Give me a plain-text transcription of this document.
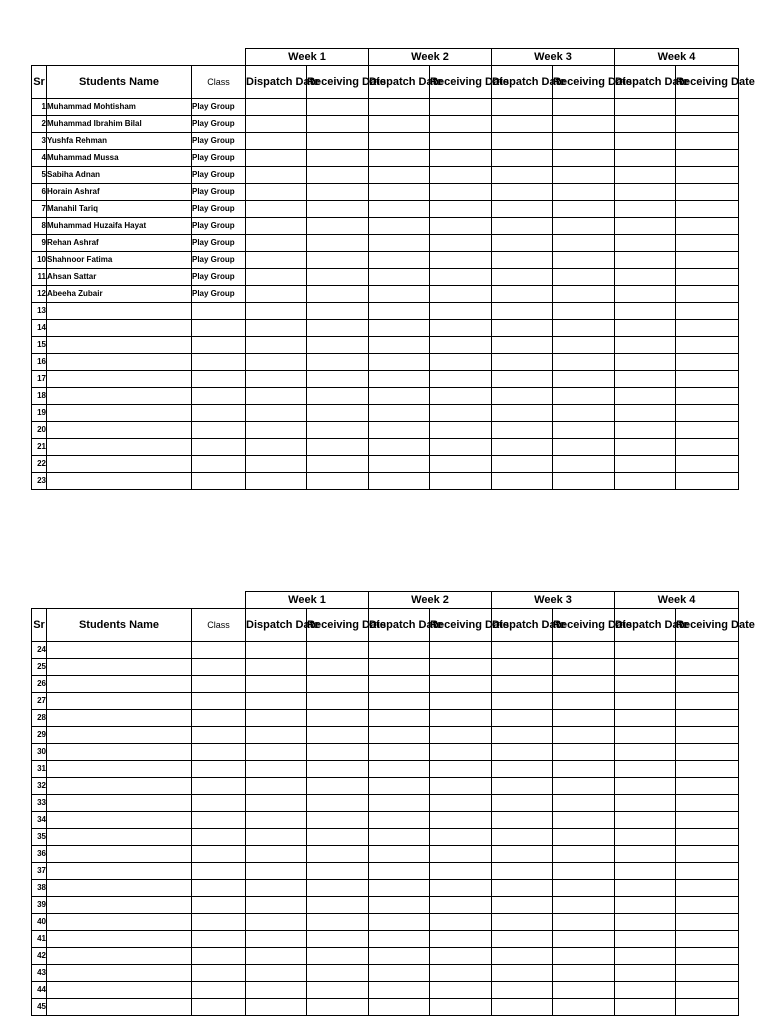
			Week 1		Week 2		Week 3		Week 4	
Sr	Students Name	Class	Dispatch Date	Receiving Date	Dispatch Date	Receiving Date	Dispatch Date	Receiving Date	Dispatch Date	Receiving Date
1	Muhammad Mohtisham	Play Group								
2	Muhammad Ibrahim Bilal	Play Group								
3	Yushfa Rehman	Play Group								
4	Muhammad Mussa	Play Group								
5	Sabiha Adnan	Play Group								
6	Horain Ashraf	Play Group								
7	Manahil Tariq	Play Group								
8	Muhammad Huzaifa Hayat	Play Group								
9	Rehan Ashraf	Play Group								
10	Shahnoor Fatima	Play Group								
11	Ahsan Sattar	Play Group								
12	Abeeha Zubair	Play Group								
13										
14										
15										
16										
17										
18										
19										
20										
21										
22										
23										
			Week 1		Week 2		Week 3		Week 4	
Sr	Students Name	Class	Dispatch Date	Receiving Date	Dispatch Date	Receiving Date	Dispatch Date	Receiving Date	Dispatch Date	Receiving Date
24										
25										
26										
27										
28										
29										
30										
31										
32										
33										
34										
35										
36										
37										
38										
39										
40										
41										
42										
43										
44										
45										
